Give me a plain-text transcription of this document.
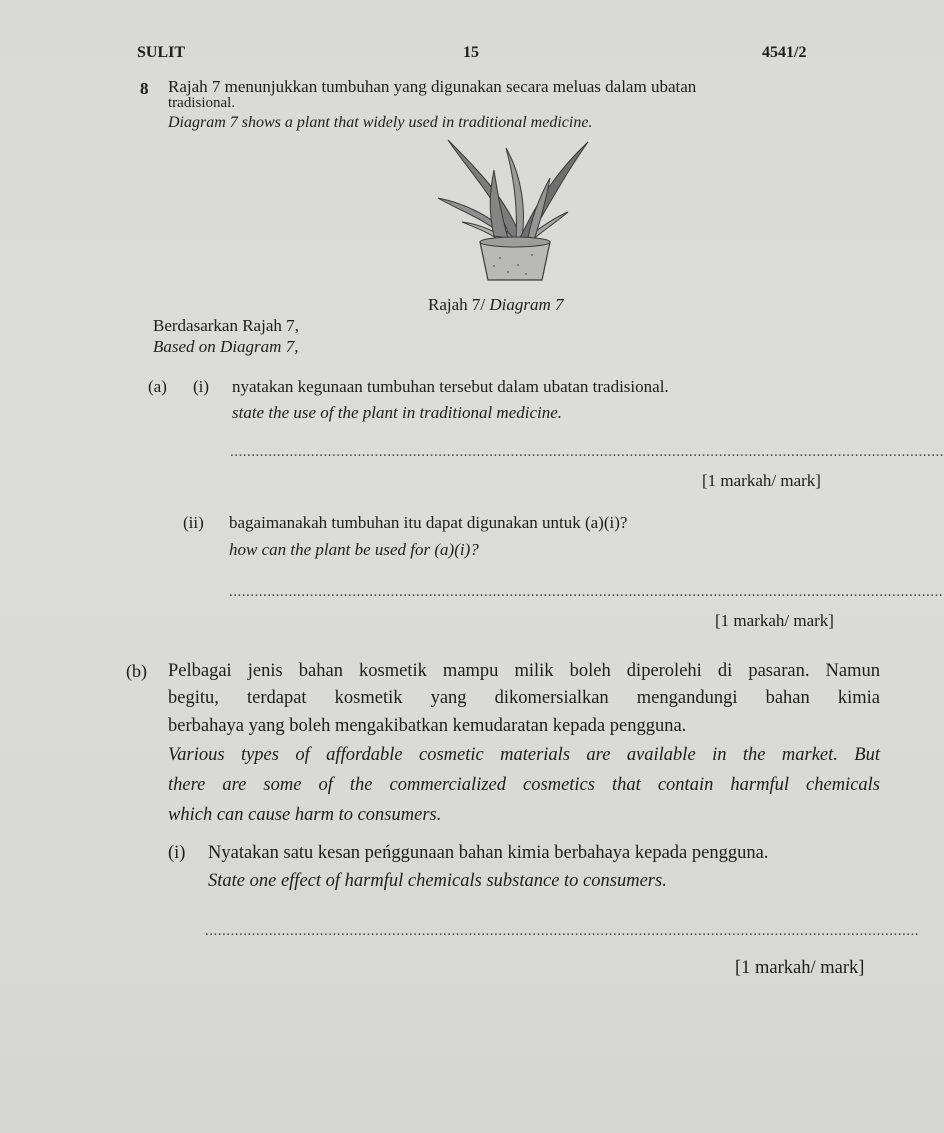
SULIT	15	4541/2
8 Rajah 7 menunjukkan tumbuhan yang digunakan secara meluas dalam ubatan
tradisional.
Diagram 7 shows a plant that widely used in traditional medicine.
Rajah 7/ Diagram 7
Berdasarkan Rajah 7,
Based on Diagram 7,
(a) (i) nyatakan kegunaan tumbuhan tersebut dalam ubatan tradisional.
state the use of the plant in traditional medicine.
........................................................................................................................................................................
[1 markah/ mark]
(ii) bagaimanakah tumbuhan itu dapat digunakan untuk (a)(i)?
how can the plant be used for (a)(i)?
........................................................................................................................................................................
[1 markah/ mark]
(b) Pelbagai jenis bahan kosmetik mampu milik boleh diperolehi di pasaran. Namun
begitu, terdapat kosmetik yang dikomersialkan mengandungi bahan kimia
berbahaya yang boleh mengakibatkan kemudaratan kepada pengguna.
Various types of affordable cosmetic materials are available in the market. But
there are some of the commercialized cosmetics that contain harmful chemicals
which can cause harm to consumers.
(i) Nyatakan satu kesan peńggunaan bahan kimia berbahaya kepada pengguna.
State one effect of harmful chemicals substance to consumers.
........................................................................................................................................................................
[1 markah/ mark]
